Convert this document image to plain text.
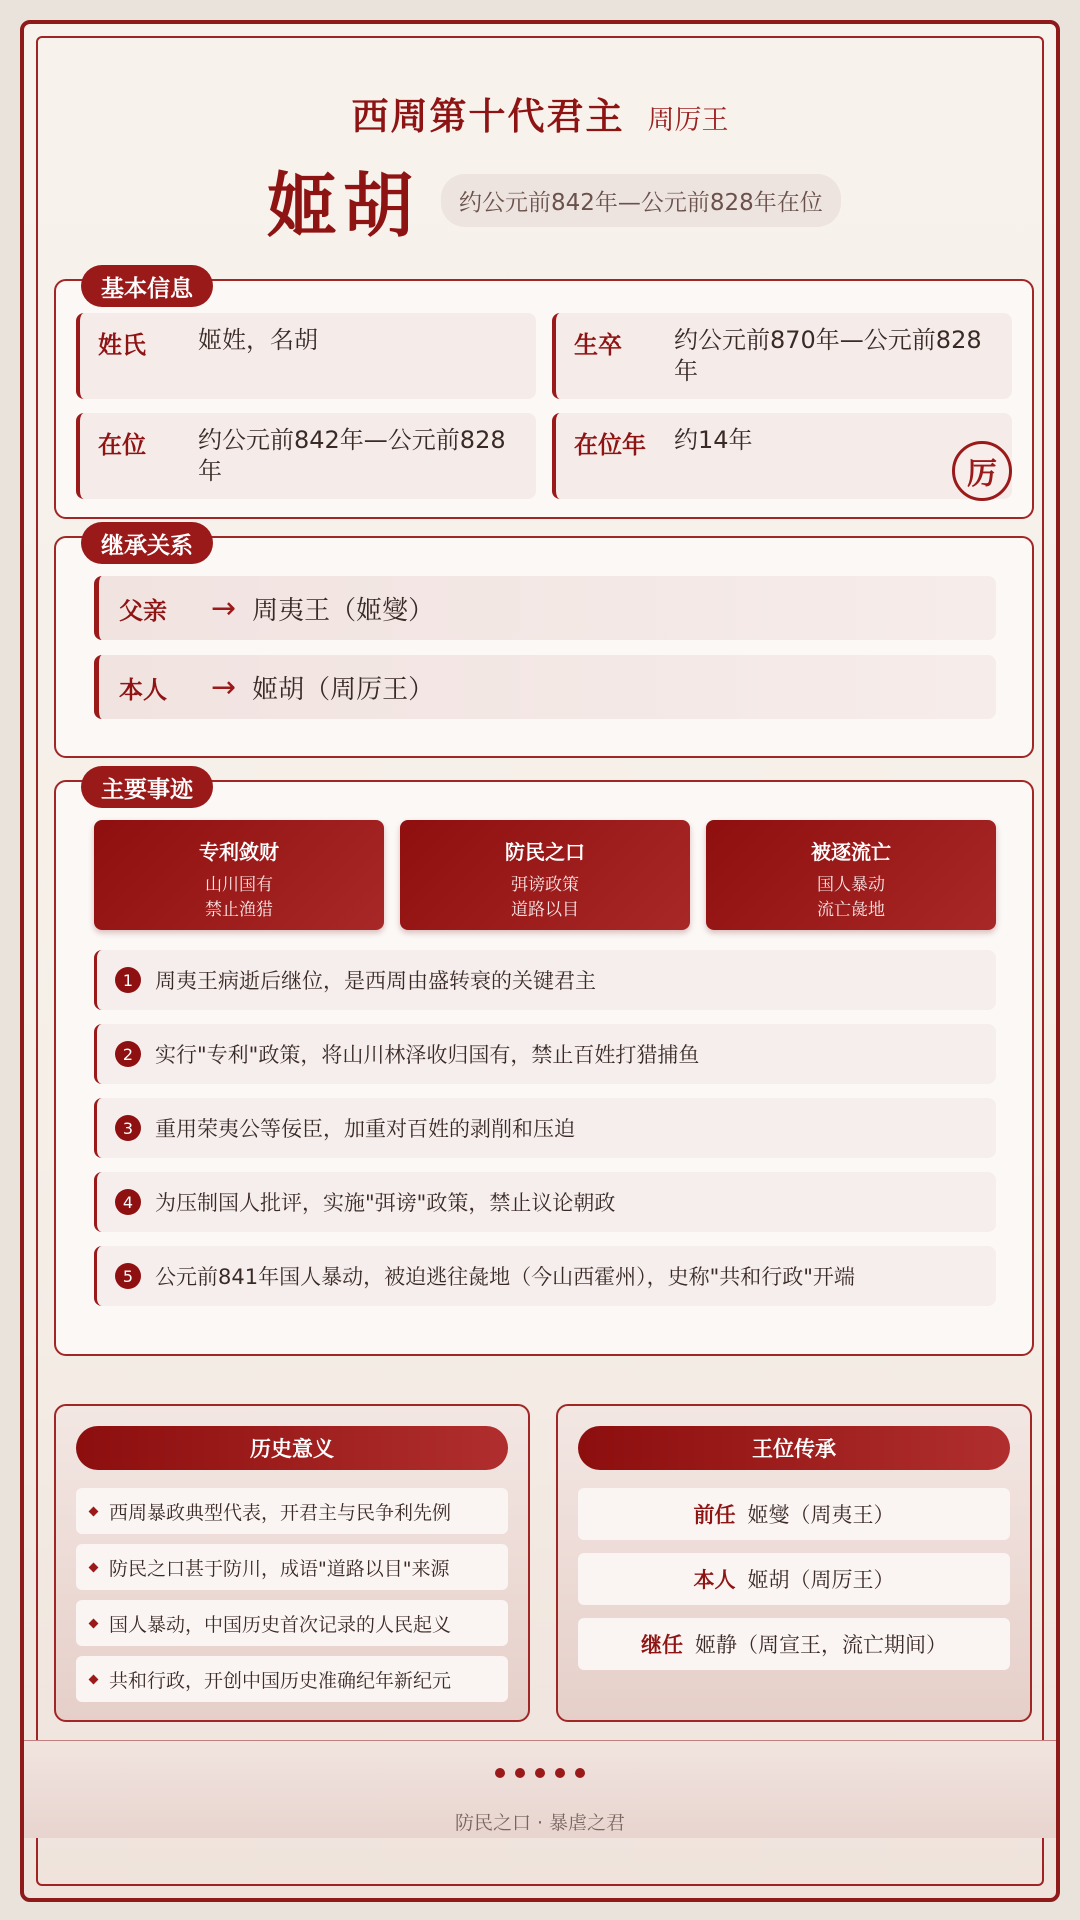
西周第十代君主 周厉王
姬胡	约公元前842年—公元前828年在位
基本信息
姓氏	姬姓，名胡	生卒	约公元前870年—公元前828年
在位	约公元前842年—公元前828年
在位年	约14年
厉
继承关系
父亲	→ 周夷王（姬燮）
本人	→ 姬胡（周厉王）
主要事迹
专利敛财
山川国有
禁止渔猎
防民之口
弭谤政策
道路以目
被逐流亡
国人暴动
流亡彘地
1	周夷王病逝后继位，是西周由盛转衰的关键君主
2	实行"专利"政策，将山川林泽收归国有，禁止百姓打猎捕鱼
3	重用荣夷公等佞臣，加重对百姓的剥削和压迫
4	为压制国人批评，实施"弭谤"政策，禁止议论朝政
5	公元前841年国人暴动，被迫逃往彘地（今山西霍州），史称"共和行政"开端
历史意义
西周暴政典型代表，开君主与民争利先例
防民之口甚于防川，成语"道路以目"来源
国人暴动，中国历史首次记录的人民起义
共和行政，开创中国历史准确纪年新纪元
王位传承
前任 姬燮（周夷王）
本人 姬胡（周厉王）
继任 姬静（周宣王，流亡期间）
防民之口 · 暴虐之君
